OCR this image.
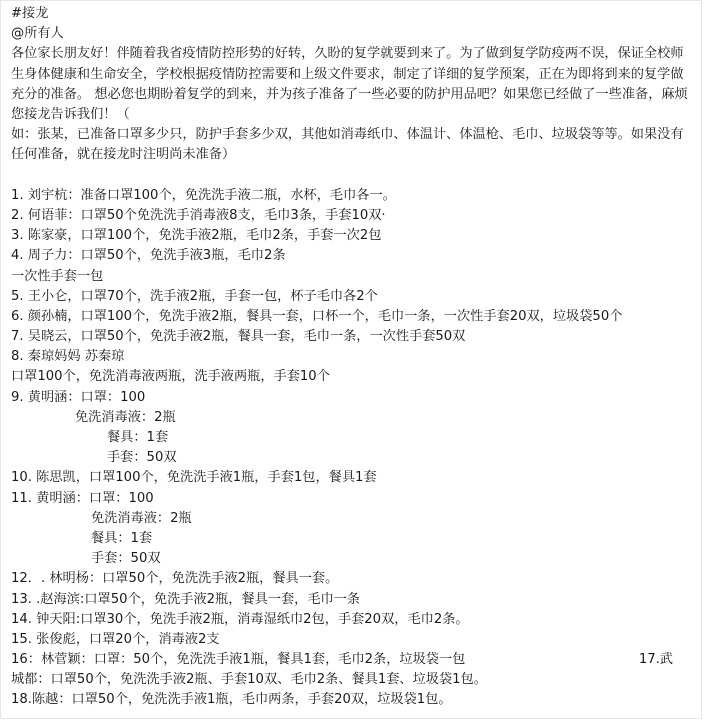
#接龙
@所有人
各位家长朋友好！伴随着我省疫情防控形势的好转，久盼的复学就要到来了。为了做到复学防疫两不误，保证全校师生身体健康和生命安全，学校根据疫情防控需要和上级文件要求，制定了详细的复学预案，正在为即将到来的复学做充分的准备。 想必您也期盼着复学的到来，并为孩子准备了一些必要的防护用品吧？如果您已经做了一些准备，麻烦您接龙告诉我们！（
如：张某，已准备口罩多少只，防护手套多少双，其他如消毒纸巾、体温计、体温枪、毛巾、垃圾袋等等。如果没有任何准备，就在接龙时注明尚未准备）
1. 刘宇杭：准备口罩100个，免洗洗手液二瓶，水杯，毛巾各一。
2. 何语菲：口罩50个免洗洗手消毒液8支，毛巾3条，手套10双·
3. 陈家豪，口罩100个，免洗手液2瓶，毛巾2条，手套一次2包
4. 周子力：口罩50个，免洗手液3瓶，毛巾2条
一次性手套一包
5. 王小仑，口罩70个，洗手液2瓶，手套一包，杯子毛巾各2个
6. 颜孙楠，口罩100个，免洗手液2瓶，餐具一套，口杯一个，毛巾一条，一次性手套20双，垃圾袋50个
7. 吴晓云，口罩50个，免洗手液2瓶，餐具一套，毛巾一条，一次性手套50双
8. 秦琼妈妈 苏秦琼
口罩100个，免洗消毒液两瓶，洗手液两瓶，手套10个
9. 黄明涵：口罩：100
免洗消毒液：2瓶
餐具：1套
手套：50双
10. 陈思凯，口罩100个，免洗洗手液1瓶，手套1包，餐具1套
11. 黄明涵：口罩：100
免洗消毒液：2瓶
餐具：1套
手套：50双
12．. 林明杨：口罩50个，免洗洗手液2瓶，餐具一套。
13. .赵海滨:口罩50个，免洗手液2瓶，餐具一套，毛巾一条
14. 钟天阳:口罩30个，免洗手液2瓶，消毒湿纸巾2包，手套20双，毛巾2条。
15. 张俊彪，口罩20个，消毒液2支
16：林菅颖：口罩：50个，免洗洗手液1瓶，餐具1套，毛巾2条，垃圾袋一包	17.武
城都：口罩50个，免洗洗手液2瓶、手套10双、毛巾2条、餐具1套、垃圾袋1包。
18.陈越：口罩50个，免洗洗手液1瓶，毛巾两条，手套20双，垃圾袋1包。
